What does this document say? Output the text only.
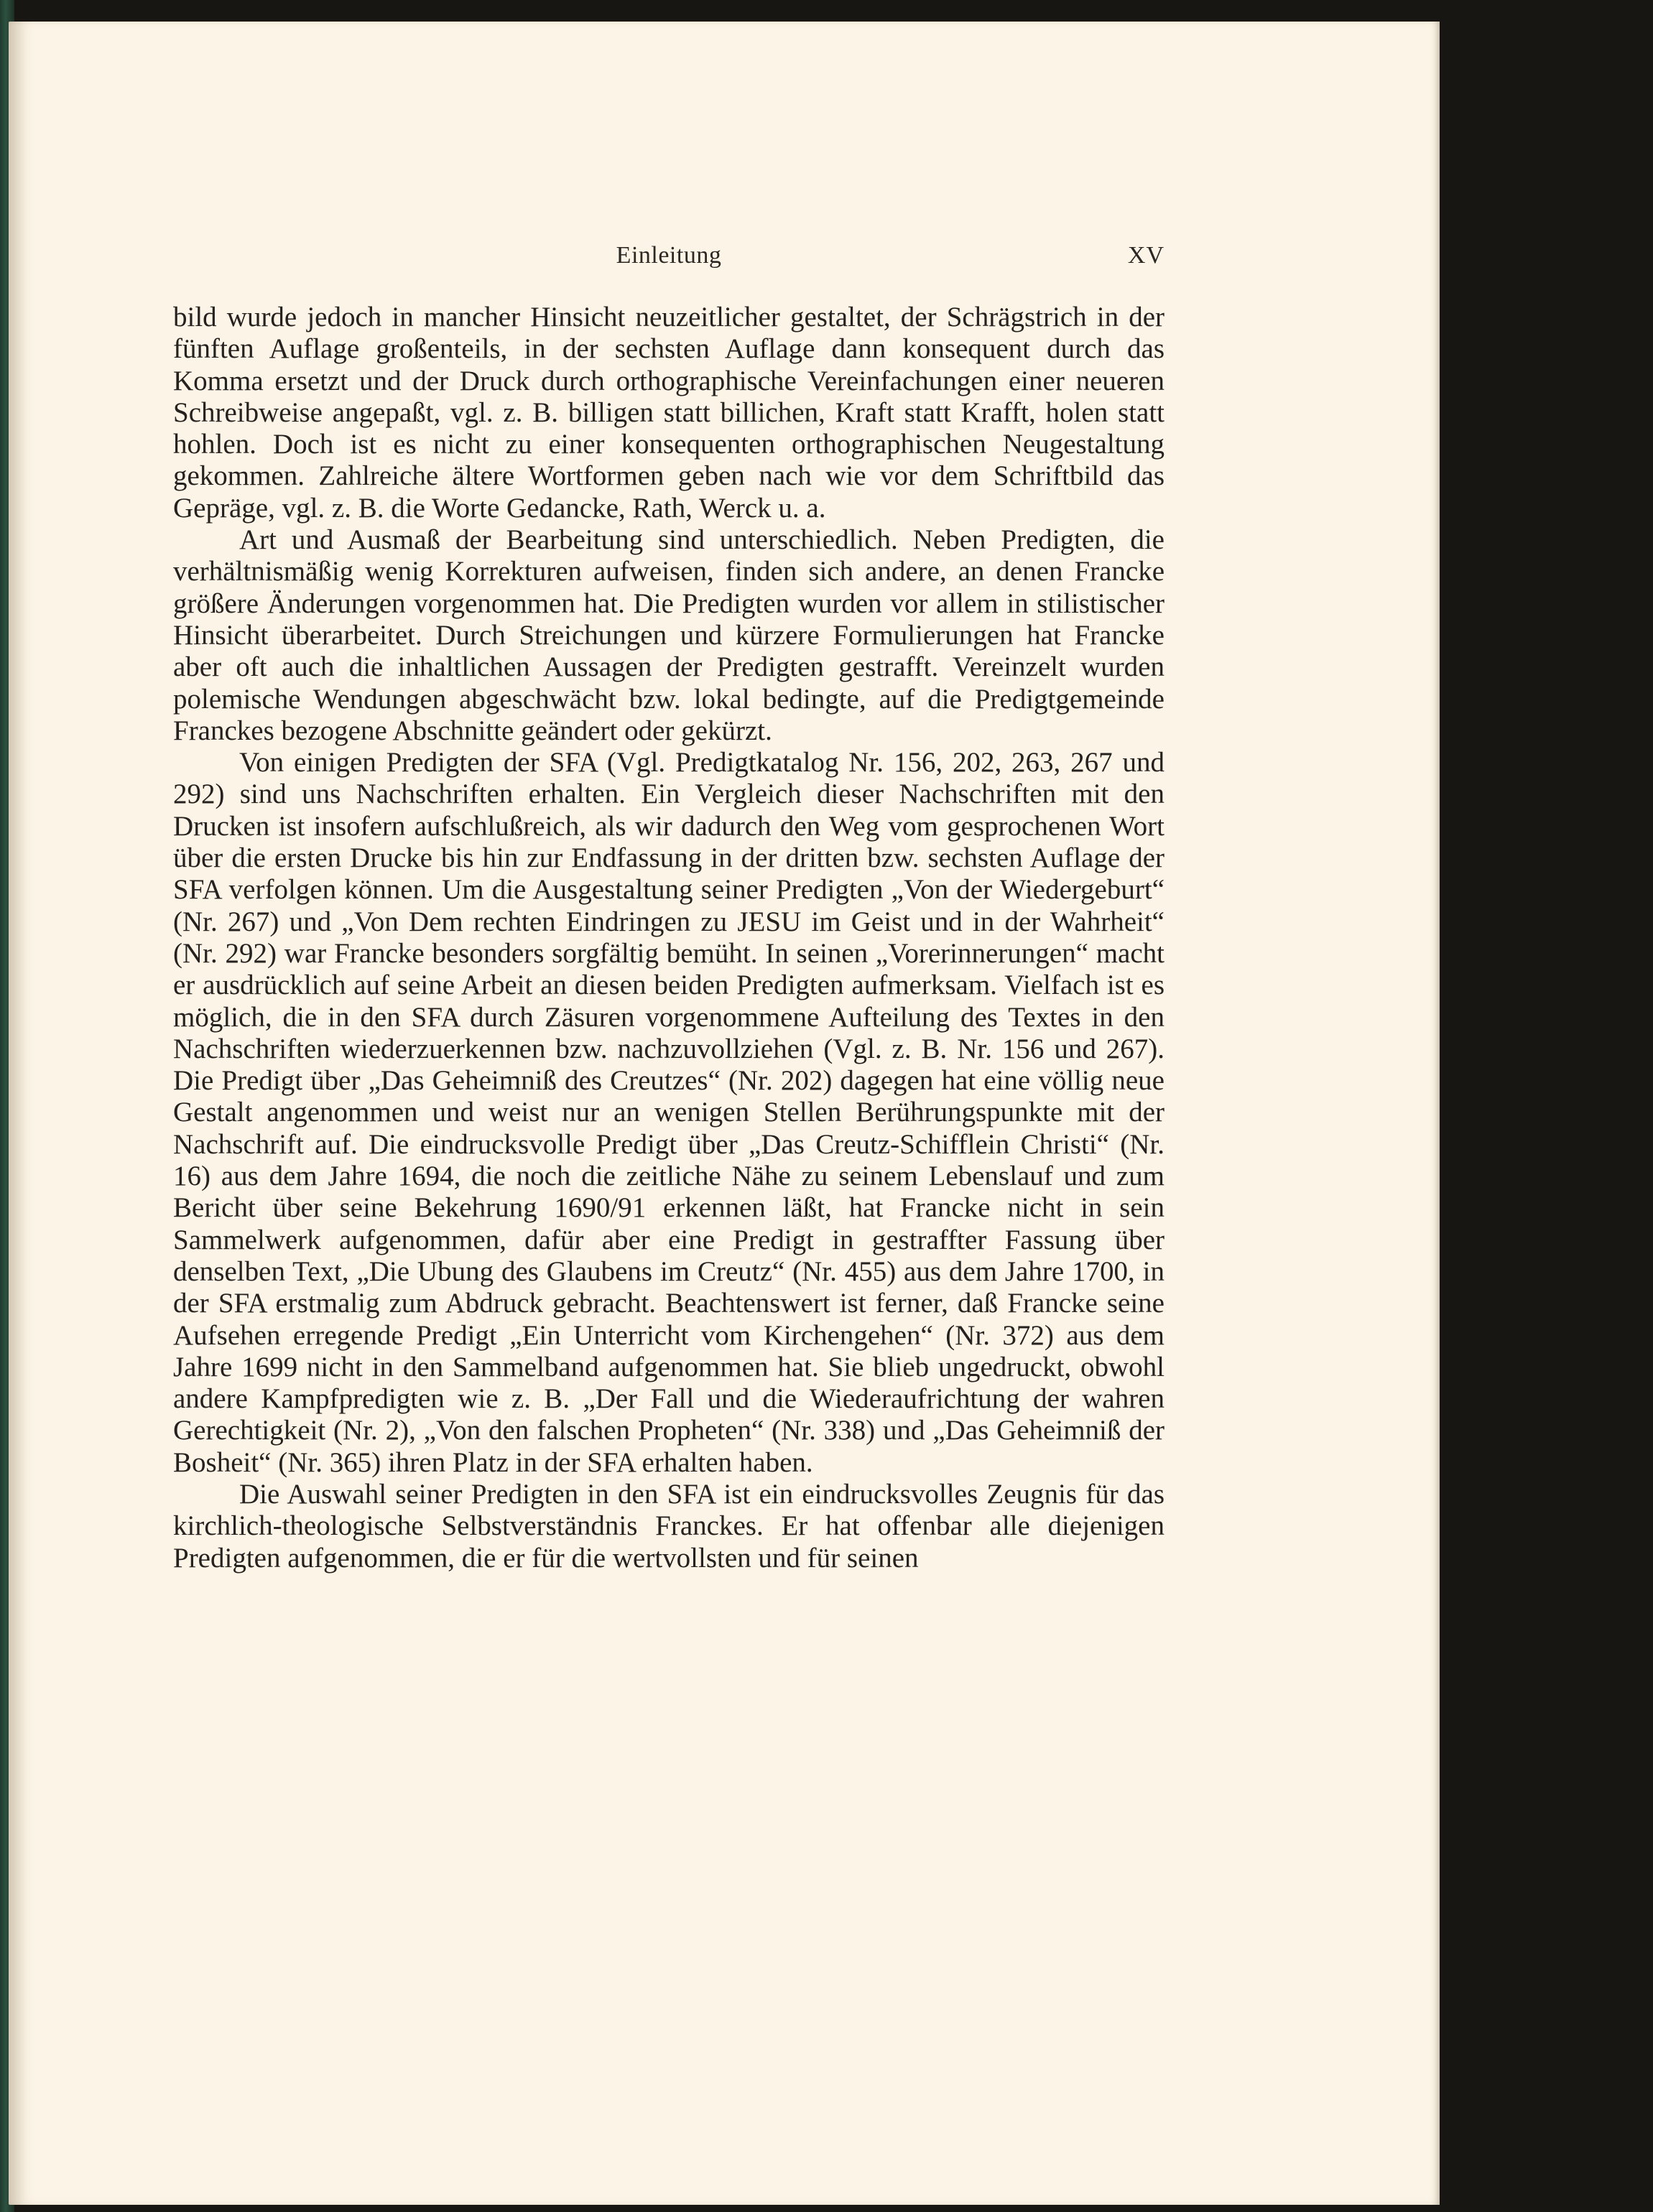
Einleitung	XV

bild wurde jedoch in mancher Hinsicht neuzeitlicher gestaltet, der Schrägstrich in der fünften Auflage großenteils, in der sechsten Auflage dann konsequent durch das Komma ersetzt und der Druck durch orthographische Vereinfachungen einer neueren Schreibweise angepaßt, vgl. z. B. billigen statt billichen, Kraft statt Krafft, holen statt hohlen. Doch ist es nicht zu einer konsequenten orthographischen Neugestaltung gekommen. Zahlreiche ältere Wortformen geben nach wie vor dem Schriftbild das Gepräge, vgl. z. B. die Worte Gedancke, Rath, Werck u. a.

Art und Ausmaß der Bearbeitung sind unterschiedlich. Neben Predigten, die verhältnismäßig wenig Korrekturen aufweisen, finden sich andere, an denen Francke größere Änderungen vorgenommen hat. Die Predigten wurden vor allem in stilistischer Hinsicht überarbeitet. Durch Streichungen und kürzere Formulierungen hat Francke aber oft auch die inhaltlichen Aussagen der Predigten gestrafft. Vereinzelt wurden polemische Wendungen abgeschwächt bzw. lokal bedingte, auf die Predigtgemeinde Franckes bezogene Abschnitte geändert oder gekürzt.

Von einigen Predigten der SFA (Vgl. Predigtkatalog Nr. 156, 202, 263, 267 und 292) sind uns Nachschriften erhalten. Ein Vergleich dieser Nachschriften mit den Drucken ist insofern aufschlußreich, als wir dadurch den Weg vom gesprochenen Wort über die ersten Drucke bis hin zur Endfassung in der dritten bzw. sechsten Auflage der SFA verfolgen können. Um die Ausgestaltung seiner Predigten „Von der Wiedergeburt“ (Nr. 267) und „Von Dem rechten Eindringen zu JESU im Geist und in der Wahrheit“ (Nr. 292) war Francke besonders sorgfältig bemüht. In seinen „Vorerinnerungen“ macht er ausdrücklich auf seine Arbeit an diesen beiden Predigten aufmerksam. Vielfach ist es möglich, die in den SFA durch Zäsuren vorgenommene Aufteilung des Textes in den Nachschriften wiederzuerkennen bzw. nachzuvollziehen (Vgl. z. B. Nr. 156 und 267). Die Predigt über „Das Geheimniß des Creutzes“ (Nr. 202) dagegen hat eine völlig neue Gestalt angenommen und weist nur an wenigen Stellen Berührungspunkte mit der Nachschrift auf. Die eindrucksvolle Predigt über „Das Creutz-Schifflein Christi“ (Nr. 16) aus dem Jahre 1694, die noch die zeitliche Nähe zu seinem Lebenslauf und zum Bericht über seine Bekehrung 1690/91 erkennen läßt, hat Francke nicht in sein Sammelwerk aufgenommen, dafür aber eine Predigt in gestraffter Fassung über denselben Text, „Die Ubung des Glaubens im Creutz“ (Nr. 455) aus dem Jahre 1700, in der SFA erstmalig zum Abdruck gebracht. Beachtenswert ist ferner, daß Francke seine Aufsehen erregende Predigt „Ein Unterricht vom Kirchengehen“ (Nr. 372) aus dem Jahre 1699 nicht in den Sammelband aufgenommen hat. Sie blieb ungedruckt, obwohl andere Kampfpredigten wie z. B. „Der Fall und die Wiederaufrichtung der wahren Gerechtigkeit (Nr. 2), „Von den falschen Propheten“ (Nr. 338) und „Das Geheimniß der Bosheit“ (Nr. 365) ihren Platz in der SFA erhalten haben.

Die Auswahl seiner Predigten in den SFA ist ein eindrucksvolles Zeugnis für das kirchlich-theologische Selbstverständnis Franckes. Er hat offenbar alle diejenigen Predigten aufgenommen, die er für die wertvollsten und für seinen
